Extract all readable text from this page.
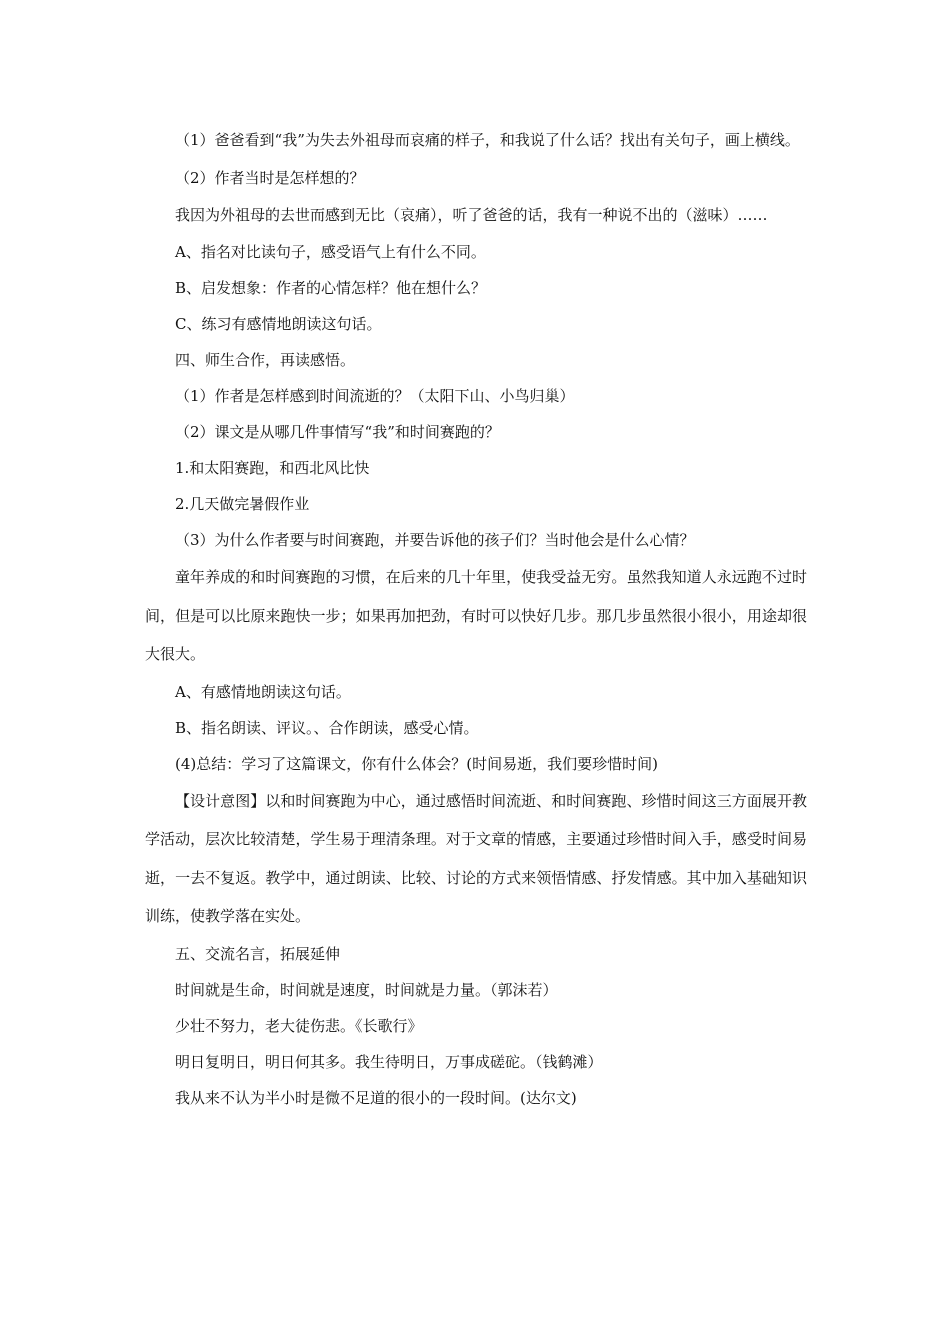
（1）爸爸看到“我”为失去外祖母而哀痛的样子，和我说了什么话？找出有关句子，画上横线。

（2）作者当时是怎样想的？

我因为外祖母的去世而感到无比（哀痛），听了爸爸的话，我有一种说不出的（滋味）……

A、指名对比读句子，感受语气上有什么不同。

B、启发想象：作者的心情怎样？他在想什么？

C、练习有感情地朗读这句话。

四、师生合作，再读感悟。

（1）作者是怎样感到时间流逝的？（太阳下山、小鸟归巢）

（2）课文是从哪几件事情写“我”和时间赛跑的？

1.和太阳赛跑，和西北风比快

2.几天做完暑假作业

（3）为什么作者要与时间赛跑，并要告诉他的孩子们？当时他会是什么心情？

童年养成的和时间赛跑的习惯，在后来的几十年里，使我受益无穷。虽然我知道人永远跑不过时间，但是可以比原来跑快一步；如果再加把劲，有时可以快好几步。那几步虽然很小很小，用途却很大很大。

A、有感情地朗读这句话。

B、指名朗读、评议。、合作朗读，感受心情。

(4)总结：学习了这篇课文，你有什么体会？(时间易逝，我们要珍惜时间)

【设计意图】以和时间赛跑为中心，通过感悟时间流逝、和时间赛跑、珍惜时间这三方面展开教学活动，层次比较清楚，学生易于理清条理。对于文章的情感，主要通过珍惜时间入手，感受时间易逝，一去不复返。教学中，通过朗读、比较、讨论的方式来领悟情感、抒发情感。其中加入基础知识训练，使教学落在实处。

五、交流名言，拓展延伸

时间就是生命，时间就是速度，时间就是力量。（郭沫若）

少壮不努力，老大徒伤悲。《长歌行》

明日复明日，明日何其多。我生待明日，万事成磋砣。（钱鹤滩）

我从来不认为半小时是微不足道的很小的一段时间。(达尔文)
